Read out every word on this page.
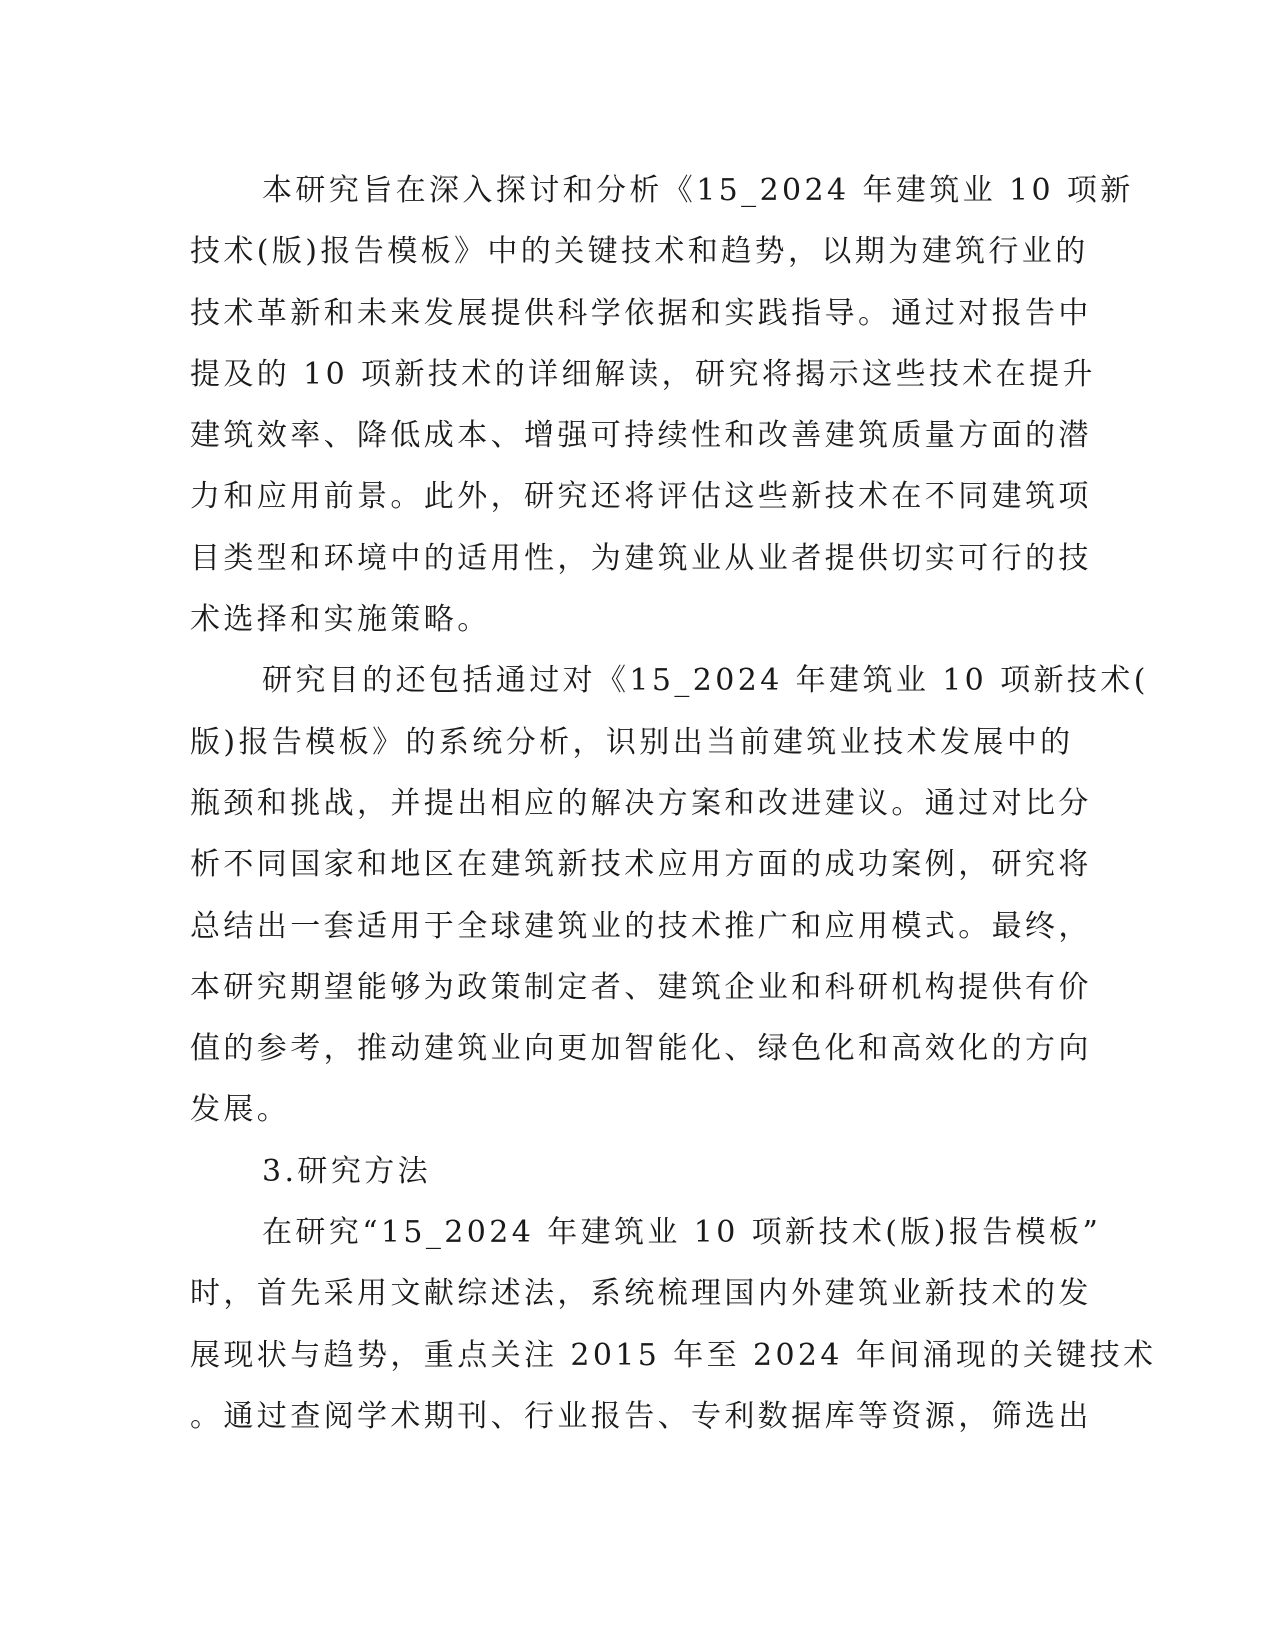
本研究旨在深入探讨和分析《15_2024 年建筑业 10 项新
技术(版)报告模板》中的关键技术和趋势，以期为建筑行业的
技术革新和未来发展提供科学依据和实践指导。通过对报告中
提及的 10 项新技术的详细解读，研究将揭示这些技术在提升
建筑效率、降低成本、增强可持续性和改善建筑质量方面的潜
力和应用前景。此外，研究还将评估这些新技术在不同建筑项
目类型和环境中的适用性，为建筑业从业者提供切实可行的技
术选择和实施策略。
研究目的还包括通过对《15_2024 年建筑业 10 项新技术(
版)报告模板》的系统分析，识别出当前建筑业技术发展中的
瓶颈和挑战，并提出相应的解决方案和改进建议。通过对比分
析不同国家和地区在建筑新技术应用方面的成功案例，研究将
总结出一套适用于全球建筑业的技术推广和应用模式。最终，
本研究期望能够为政策制定者、建筑企业和科研机构提供有价
值的参考，推动建筑业向更加智能化、绿色化和高效化的方向
发展。
3.研究方法
在研究“15_2024 年建筑业 10 项新技术(版)报告模板”
时，首先采用文献综述法，系统梳理国内外建筑业新技术的发
展现状与趋势，重点关注 2015 年至 2024 年间涌现的关键技术
。通过查阅学术期刊、行业报告、专利数据库等资源，筛选出
